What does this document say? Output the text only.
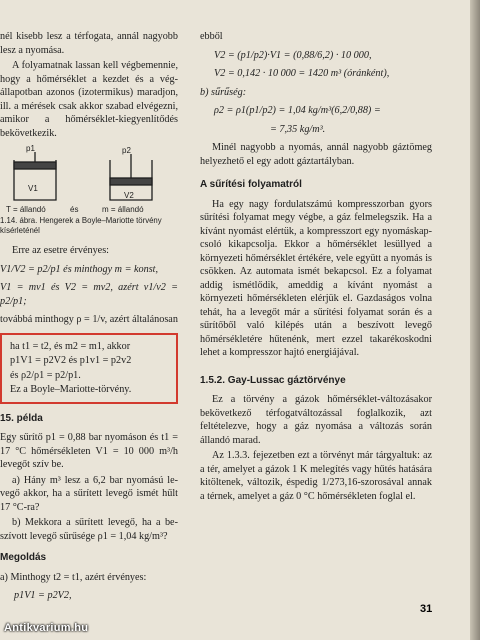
nél kisebb lesz a térfogata, annál nagyobb lesz a nyomása.

A folyamatnak lassan kell végbemennie, hogy a hőmérséklet a kezdet és a végállapotban azonos (izotermikus) maradjon, ill. a mérések csak akkor szabad elvégezni, amikor a hőmérséklet-kiegyenlítődés bekövetkezik.

p1
V1
p2
V2
T = állandó	és	m = állandó
1.14. ábra. Hengerek a Boyle–Mariotte törvény kísérleténél

Erre az esetre érvényes:

V1/V2 = p2/p1 és minthogy m = konst,

V1 = mv1 és V2 = mv2, azért v1/v2 = p2/p1;

továbbá minthogy ρ = 1/v, azért általánosan

ha t1 = t2, és m2 = m1, akkor

p1V1 = p2V2 és p1v1 = p2v2

és ρ2/ρ1 = p2/p1.

Ez a Boyle–Mariotte-törvény.

15. példa

Egy sűrítő p1 = 0,88 bar nyomáson és t1 = 17 °C hőmérsékleten V1 = 10 000 m³/h levegőt szív be.

a) Hány m³ lesz a 6,2 bar nyomású levegő akkor, ha a sűrített levegő ismét hűlt 17 °C-ra?

b) Mekkora a sűrített levegő, ha a beszívott levegő sűrűsége ρ1 = 1,04 kg/m³?

Megoldás

a) Minthogy t2 = t1, azért érvényes:

p1V1 = p2V2,

ebből

V2 = (p1/p2)·V1 = (0,88/6,2) · 10 000,

V2 = 0,142 · 10 000 = 1420 m³ (óránként),

b) sűrűség:

ρ2 = ρ1(p1/p2) = 1,04 kg/m³(6,2/0,88) =

= 7,35 kg/m³.

Minél nagyobb a nyomás, annál nagyobb gáztömeg helyezhető el egy adott gáztartályban.

A sűrítési folyamatról

Ha egy nagy fordulatszámú kompresszorban gyors sűrítési folyamat megy végbe, a gáz felmelegszik. Ha a kívánt nyomást elértük, a kompresszort egy nyomáskapcsoló kikapcsolja. Ekkor a hőmérséklet lesüllyed a környezeti hőmérséklet értékére, vele együtt a nyomás is csökken. Az automata ismét bekapcsol. Ez a folyamat addig ismétlődik, ameddig a kívánt nyomást a környezeti hőmérsékleten elérjük el. Gazdaságos volna tehát, ha a levegőt már a sűrítési folyamat során és a sűrítőből való kilépés után a beszívott levegő hőmérsékletére hűtenénk, mert ezzel takarékoskodni lehet a kompresszor hajtó energiájával.

1.5.2. Gay-Lussac gáztörvénye

Ez a törvény a gázok hőmérséklet-változásakor bekövetkező térfogatváltozással foglalkozik, azt feltételezve, hogy a gáz nyomása a változás során állandó marad.

Az 1.3.3. fejezetben ezt a törvényt már tárgyaltuk: az a tér, amelyet a gázok 1 K melegítés vagy hűtés hatására kitöltenek, változik, éspedig 1/273,16-szorosával annak a térnek, amelyet a gáz 0 °C hőmérsékleten foglal el.

31
Antikvarium.hu
